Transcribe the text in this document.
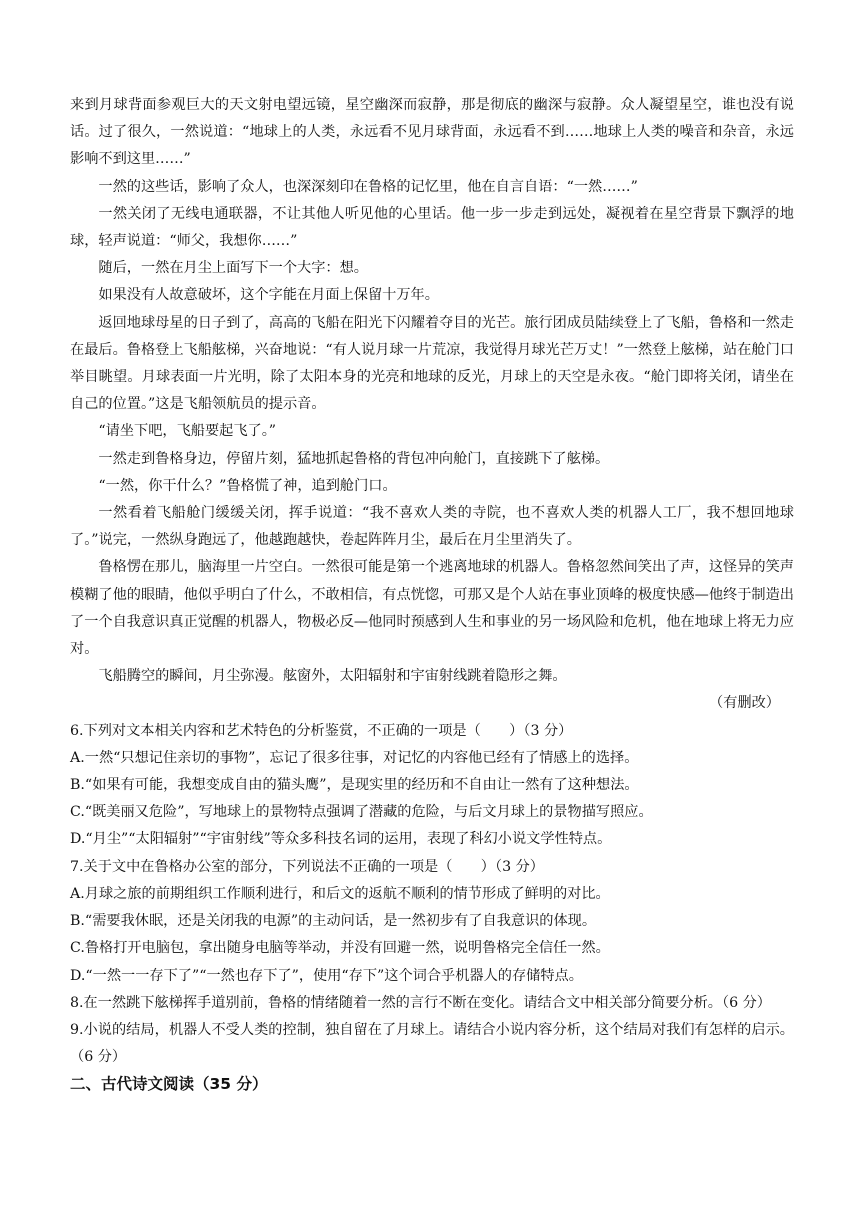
来到月球背面参观巨大的天文射电望远镜，星空幽深而寂静，那是彻底的幽深与寂静。众人凝望星空，谁也没有说话。过了很久，一然说道：“地球上的人类，永远看不见月球背面，永远看不到……地球上人类的噪音和杂音，永远影响不到这里……”

一然的这些话，影响了众人，也深深刻印在鲁格的记忆里，他在自言自语：“一然……”

一然关闭了无线电通联器，不让其他人听见他的心里话。他一步一步走到远处，凝视着在星空背景下飘浮的地球，轻声说道：“师父，我想你……”

随后，一然在月尘上面写下一个大字：想。

如果没有人故意破坏，这个字能在月面上保留十万年。

返回地球母星的日子到了，高高的飞船在阳光下闪耀着夺目的光芒。旅行团成员陆续登上了飞船，鲁格和一然走在最后。鲁格登上飞船舷梯，兴奋地说：“有人说月球一片荒凉，我觉得月球光芒万丈！”一然登上舷梯，站在舱门口举目眺望。月球表面一片光明，除了太阳本身的光亮和地球的反光，月球上的天空是永夜。“舱门即将关闭，请坐在自己的位置。”这是飞船领航员的提示音。

“请坐下吧，飞船要起飞了。”

一然走到鲁格身边，停留片刻，猛地抓起鲁格的背包冲向舱门，直接跳下了舷梯。

“一然，你干什么？”鲁格慌了神，追到舱门口。

一然看着飞船舱门缓缓关闭，挥手说道：“我不喜欢人类的寺院，也不喜欢人类的机器人工厂，我不想回地球了。”说完，一然纵身跑远了，他越跑越快，卷起阵阵月尘，最后在月尘里消失了。

鲁格愣在那儿，脑海里一片空白。一然很可能是第一个逃离地球的机器人。鲁格忽然间笑出了声，这怪异的笑声模糊了他的眼睛，他似乎明白了什么，不敢相信，有点恍惚，可那又是个人站在事业顶峰的极度快感—他终于制造出了一个自我意识真正觉醒的机器人，物极必反—他同时预感到人生和事业的另一场风险和危机，他在地球上将无力应对。

飞船腾空的瞬间，月尘弥漫。舷窗外，太阳辐射和宇宙射线跳着隐形之舞。

（有删改）

6.下列对文本相关内容和艺术特色的分析鉴赏，不正确的一项是（　　）（3 分）

A.一然“只想记住亲切的事物”，忘记了很多往事，对记忆的内容他已经有了情感上的选择。

B.“如果有可能，我想变成自由的猫头鹰”，是现实里的经历和不自由让一然有了这种想法。

C.“既美丽又危险”，写地球上的景物特点强调了潜藏的危险，与后文月球上的景物描写照应。

D.“月尘”“太阳辐射”“宇宙射线”等众多科技名词的运用，表现了科幻小说文学性特点。

7.关于文中在鲁格办公室的部分，下列说法不正确的一项是（　　）（3 分）

A.月球之旅的前期组织工作顺利进行，和后文的返航不顺利的情节形成了鲜明的对比。

B.“需要我休眠，还是关闭我的电源”的主动问话，是一然初步有了自我意识的体现。

C.鲁格打开电脑包，拿出随身电脑等举动，并没有回避一然，说明鲁格完全信任一然。

D.“一然一一存下了”“一然也存下了”，使用“存下”这个词合乎机器人的存储特点。

8.在一然跳下舷梯挥手道别前，鲁格的情绪随着一然的言行不断在变化。请结合文中相关部分简要分析。（6 分）

9.小说的结局，机器人不受人类的控制，独自留在了月球上。请结合小说内容分析，这个结局对我们有怎样的启示。（6 分）

二、古代诗文阅读（35 分）
